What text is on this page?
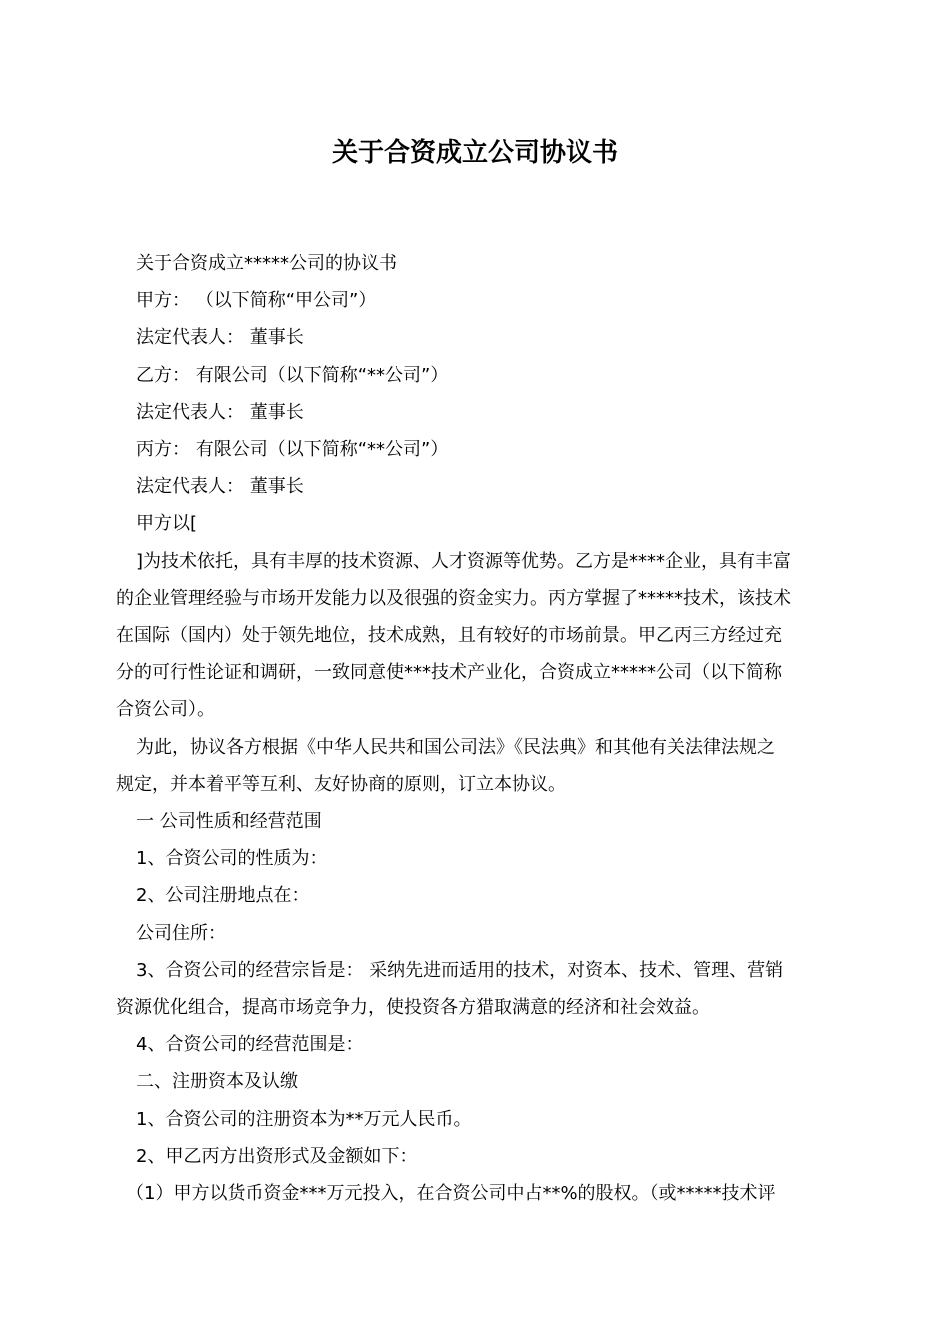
关于合资成立公司协议书

关于合资成立*****公司的协议书

甲方： （以下简称“甲公司”）

法定代表人： 董事长

乙方： 有限公司（以下简称“**公司”）

法定代表人： 董事长

丙方： 有限公司（以下简称“**公司”）

法定代表人： 董事长

甲方以[

]为技术依托，具有丰厚的技术资源、人才资源等优势。乙方是****企业，具有丰富

的企业管理经验与市场开发能力以及很强的资金实力。丙方掌握了*****技术，该技术

在国际（国内）处于领先地位，技术成熟，且有较好的市场前景。甲乙丙三方经过充

分的可行性论证和调研，一致同意使***技术产业化，合资成立*****公司（以下简称

合资公司）。

为此，协议各方根据《中华人民共和国公司法》《民法典》和其他有关法律法规之

规定，并本着平等互利、友好协商的原则，订立本协议。

一 公司性质和经营范围

1、合资公司的性质为：

2、公司注册地点在：

公司住所：

3、合资公司的经营宗旨是： 采纳先进而适用的技术，对资本、技术、管理、营销

资源优化组合，提高市场竞争力，使投资各方猎取满意的经济和社会效益。

4、合资公司的经营范围是：

二、注册资本及认缴

1、合资公司的注册资本为**万元人民币。

2、甲乙丙方出资形式及金额如下：

（1）甲方以货币资金***万元投入，在合资公司中占**%的股权。（或*****技术评
